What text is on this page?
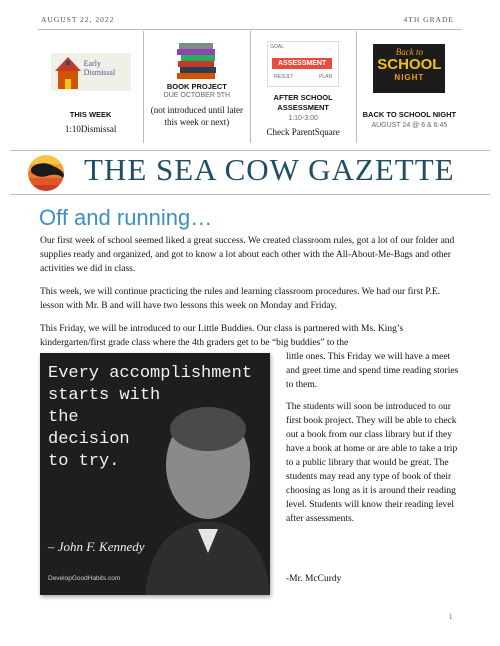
AUGUST 22, 2022	4TH GRADE
Early Dismissal
THIS WEEK
1:10Dismissal
BOOK PROJECT
DUE OCTOBER 5TH
(not introduced until later this week or next)
GOAL
ASSESSMENT
RESULT	PLAN
AFTER SCHOOL ASSESSMENT
1:10-3:00
Check ParentSquare
Back to
SCHOOL
NIGHT
BACK TO SCHOOL NIGHT
AUGUST 24 @ 6 & 6:45
THE SEA COW GAZETTE
Off and running…

Our first week of school seemed liked a great success. We created classroom rules, got a lot of our folder and supplies ready and organized, and got to know a lot about each other with the All-About-Me-Bags and other activities we did in class.

This week, we will continue practicing the rules and learning classroom procedures. We had our first P.E. lesson with Mr. B and will have two lessons this week on Monday and Friday.

This Friday, we will be introduced to our Little Buddies. Our class is partnered with Ms. King’s kindergarten/first grade class where the 4th graders get to be “big buddies” to the

little ones. This Friday we will have a meet and greet time and spend time reading stories to them.

The students will soon be introduced to our first book project. They will be able to check out a book from our class library but if they have a book at home or are able to take a trip to a public library that would be great. The students may read any type of book of their choosing as long as it is around their reading level. Students will know their reading level after assessments.

-Mr. McCurdy

Every accomplishment
starts with
the
decision
to try.
– John F. Kennedy
DevelopGoodHabits.com
1
